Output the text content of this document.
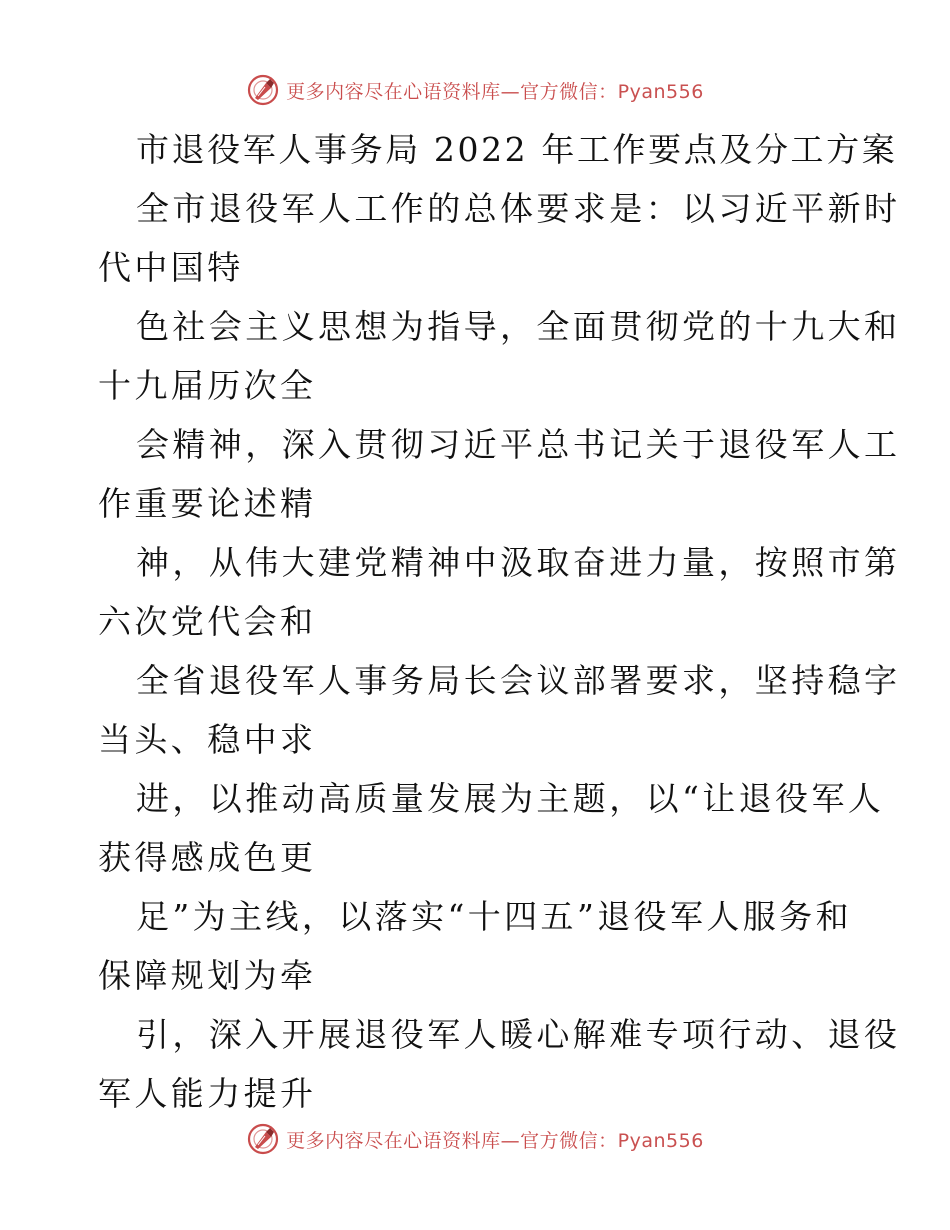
更多内容尽在心语资料库—官方微信：Pyan556
市退役军人事务局 2022 年工作要点及分工方案
全市退役军人工作的总体要求是：以习近平新时
代中国特
色社会主义思想为指导，全面贯彻党的十九大和
十九届历次全
会精神，深入贯彻习近平总书记关于退役军人工
作重要论述精
神，从伟大建党精神中汲取奋进力量，按照市第
六次党代会和
全省退役军人事务局长会议部署要求，坚持稳字
当头、稳中求
进，以推动高质量发展为主题，以“让退役军人
获得感成色更
足”为主线，以落实“十四五”退役军人服务和
保障规划为牵
引，深入开展退役军人暖心解难专项行动、退役
军人能力提升
更多内容尽在心语资料库—官方微信：Pyan556
